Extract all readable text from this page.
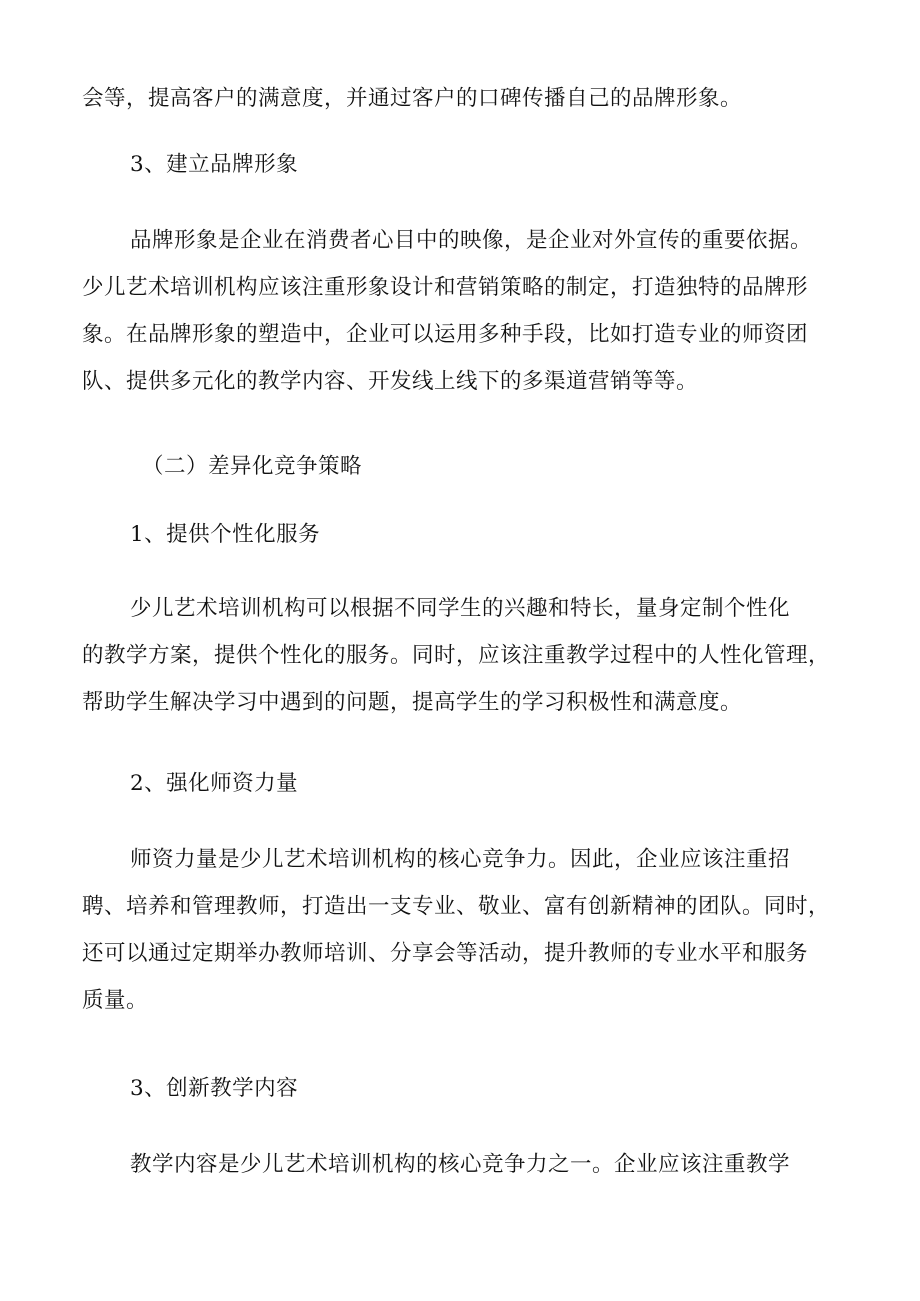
会等，提高客户的满意度，并通过客户的口碑传播自己的品牌形象。
3、建立品牌形象
品牌形象是企业在消费者心目中的映像，是企业对外宣传的重要依据。
少儿艺术培训机构应该注重形象设计和营销策略的制定，打造独特的品牌形
象。在品牌形象的塑造中，企业可以运用多种手段，比如打造专业的师资团
队、提供多元化的教学内容、开发线上线下的多渠道营销等等。
（二）差异化竞争策略
1、提供个性化服务
少儿艺术培训机构可以根据不同学生的兴趣和特长，量身定制个性化
的教学方案，提供个性化的服务。同时，应该注重教学过程中的人性化管理，
帮助学生解决学习中遇到的问题，提高学生的学习积极性和满意度。
2、强化师资力量
师资力量是少儿艺术培训机构的核心竞争力。因此，企业应该注重招
聘、培养和管理教师，打造出一支专业、敬业、富有创新精神的团队。同时，
还可以通过定期举办教师培训、分享会等活动，提升教师的专业水平和服务
质量。
3、创新教学内容
教学内容是少儿艺术培训机构的核心竞争力之一。企业应该注重教学
